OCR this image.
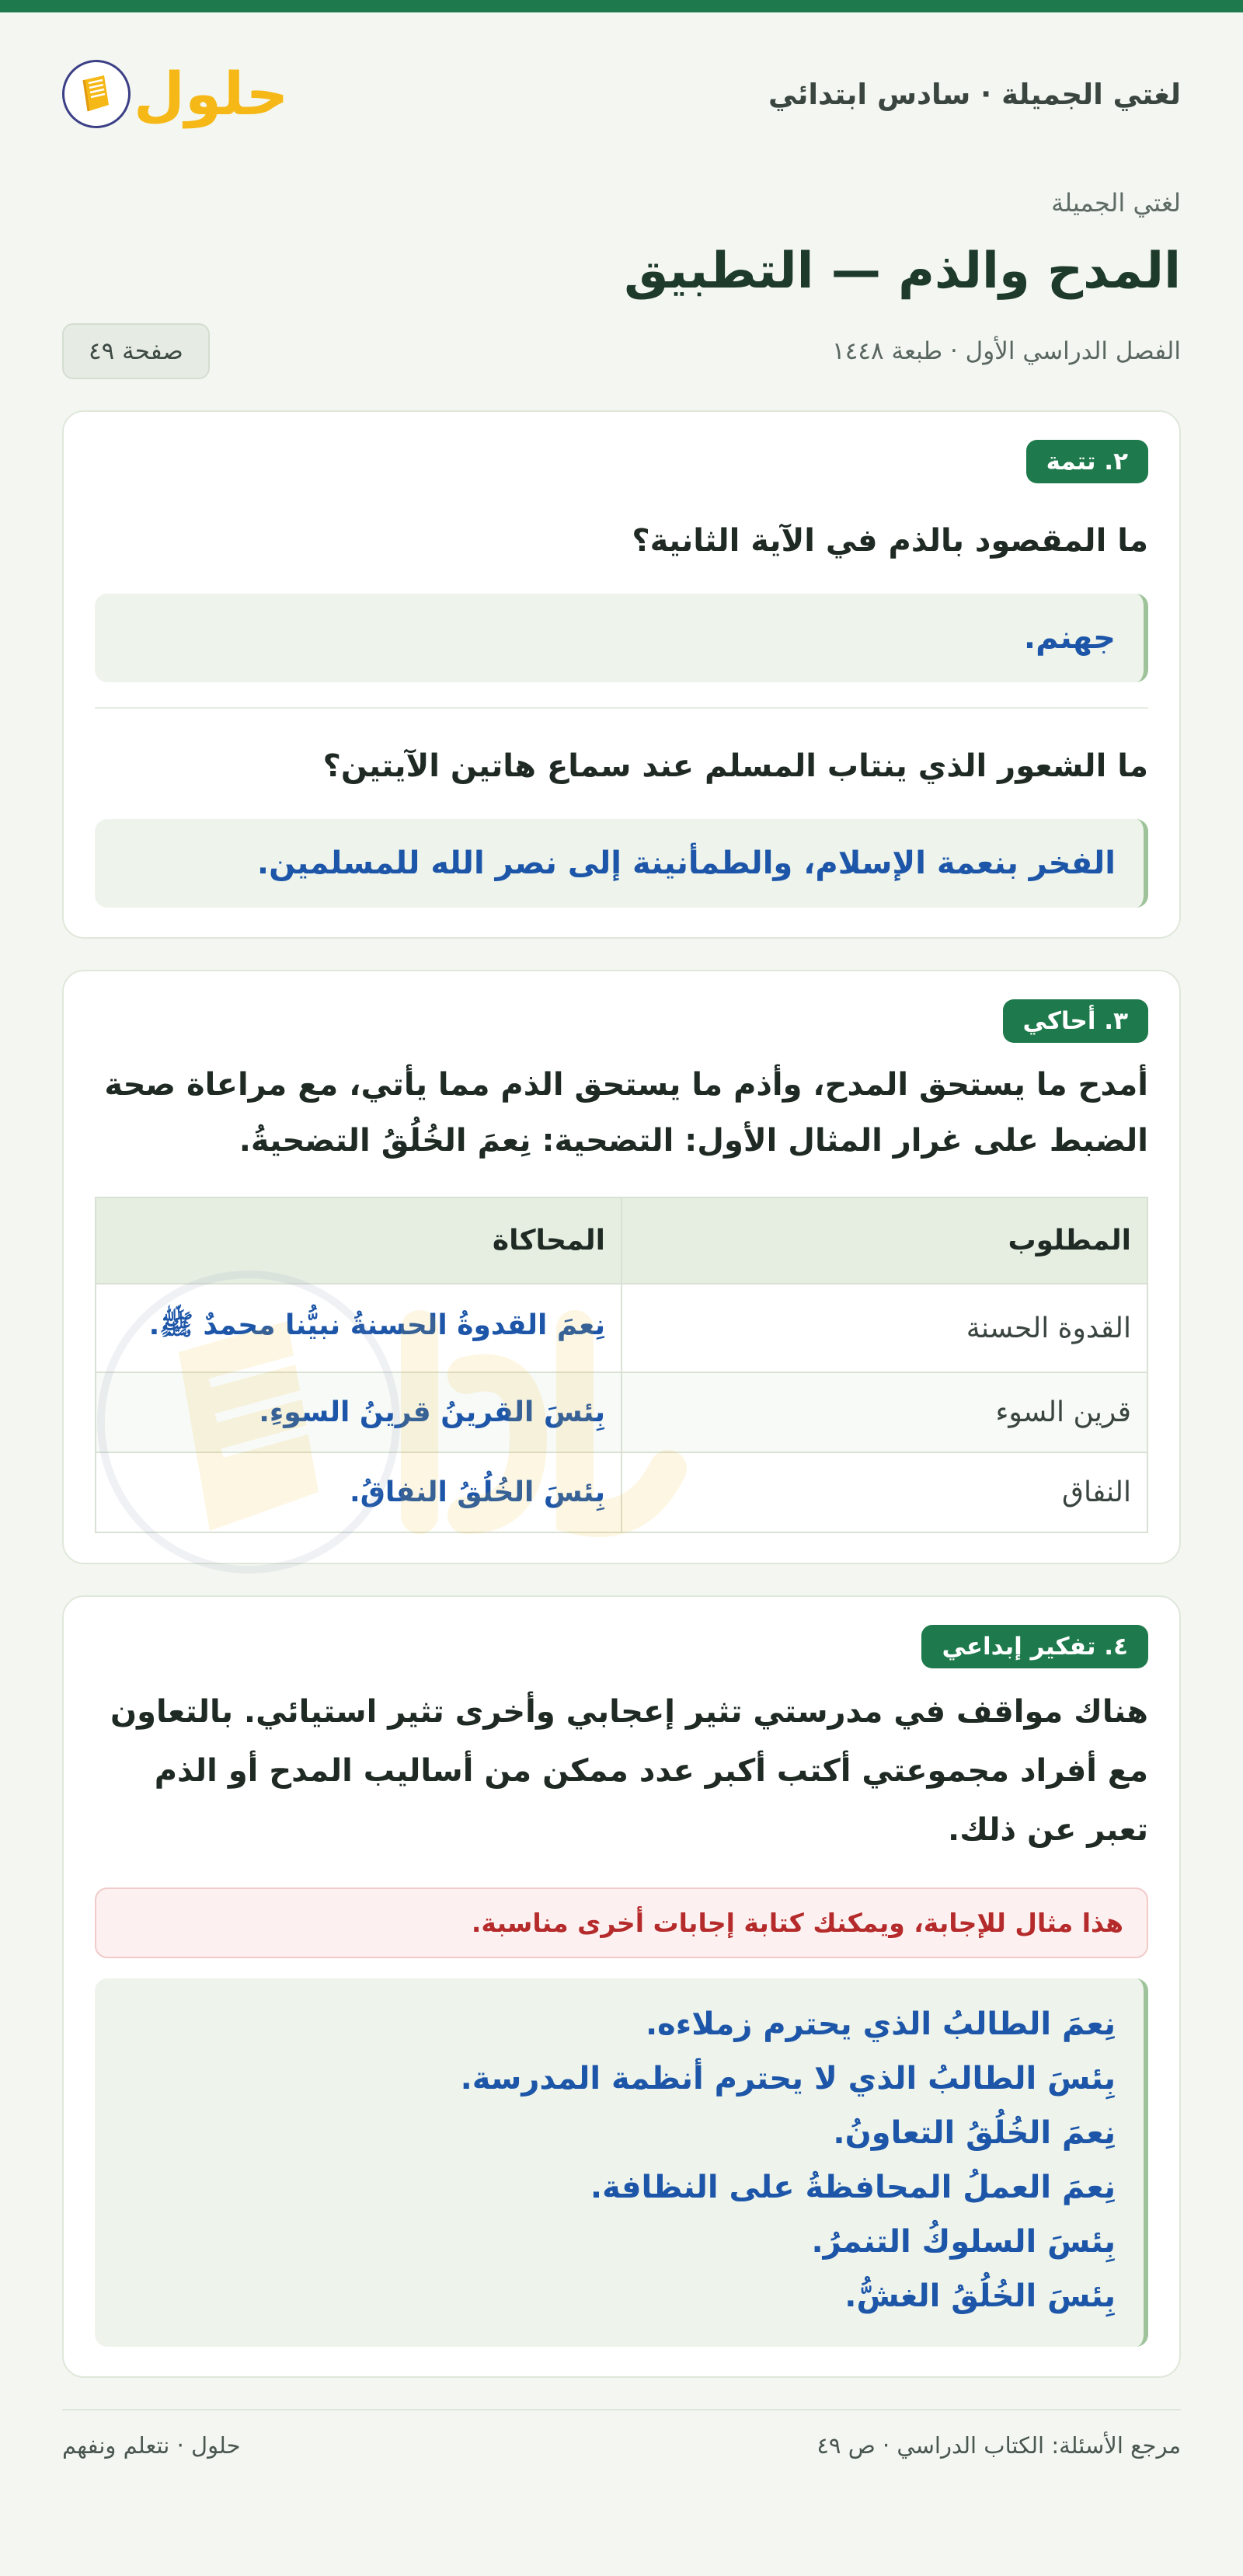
لغتي الجميلة · سادس ابتدائي
حلول
لغتي الجميلة
المدح والذم — التطبيق
الفصل الدراسي الأول · طبعة ١٤٤٨
صفحة ٤٩
٢. تتمة

ما المقصود بالذم في الآية الثانية؟

جهنم.

ما الشعور الذي ينتاب المسلم عند سماع هاتين الآيتين؟

الفخر بنعمة الإسلام، والطمأنينة إلى نصر الله للمسلمين.
٣. أحاكي

أمدح ما يستحق المدح، وأذم ما يستحق الذم مما يأتي، مع مراعاة صحة الضبط على غرار المثال الأول: التضحية: نِعمَ الخُلُقُ التضحيةُ.

المطلوب	المحاكاة
القدوة الحسنة	نِعمَ القدوةُ الحسنةُ نبيُّنا محمدٌ ﷺ.
قرين السوء	بِئسَ القرينُ قرينُ السوءِ.
النفاق	بِئسَ الخُلُقُ النفاقُ.
٤. تفكير إبداعي

هناك مواقف في مدرستي تثير إعجابي وأخرى تثير استيائي. بالتعاون مع أفراد مجموعتي أكتب أكبر عدد ممكن من أساليب المدح أو الذم تعبر عن ذلك.

هذا مثال للإجابة، ويمكنك كتابة إجابات أخرى مناسبة.
نِعمَ الطالبُ الذي يحترم زملاءه.
بِئسَ الطالبُ الذي لا يحترم أنظمة المدرسة.
نِعمَ الخُلُقُ التعاونُ.
نِعمَ العملُ المحافظةُ على النظافة.
بِئسَ السلوكُ التنمرُ.
بِئسَ الخُلُقُ الغشُّ.
مرجع الأسئلة: الكتاب الدراسي · ص ٤٩
حلول · نتعلم ونفهم
